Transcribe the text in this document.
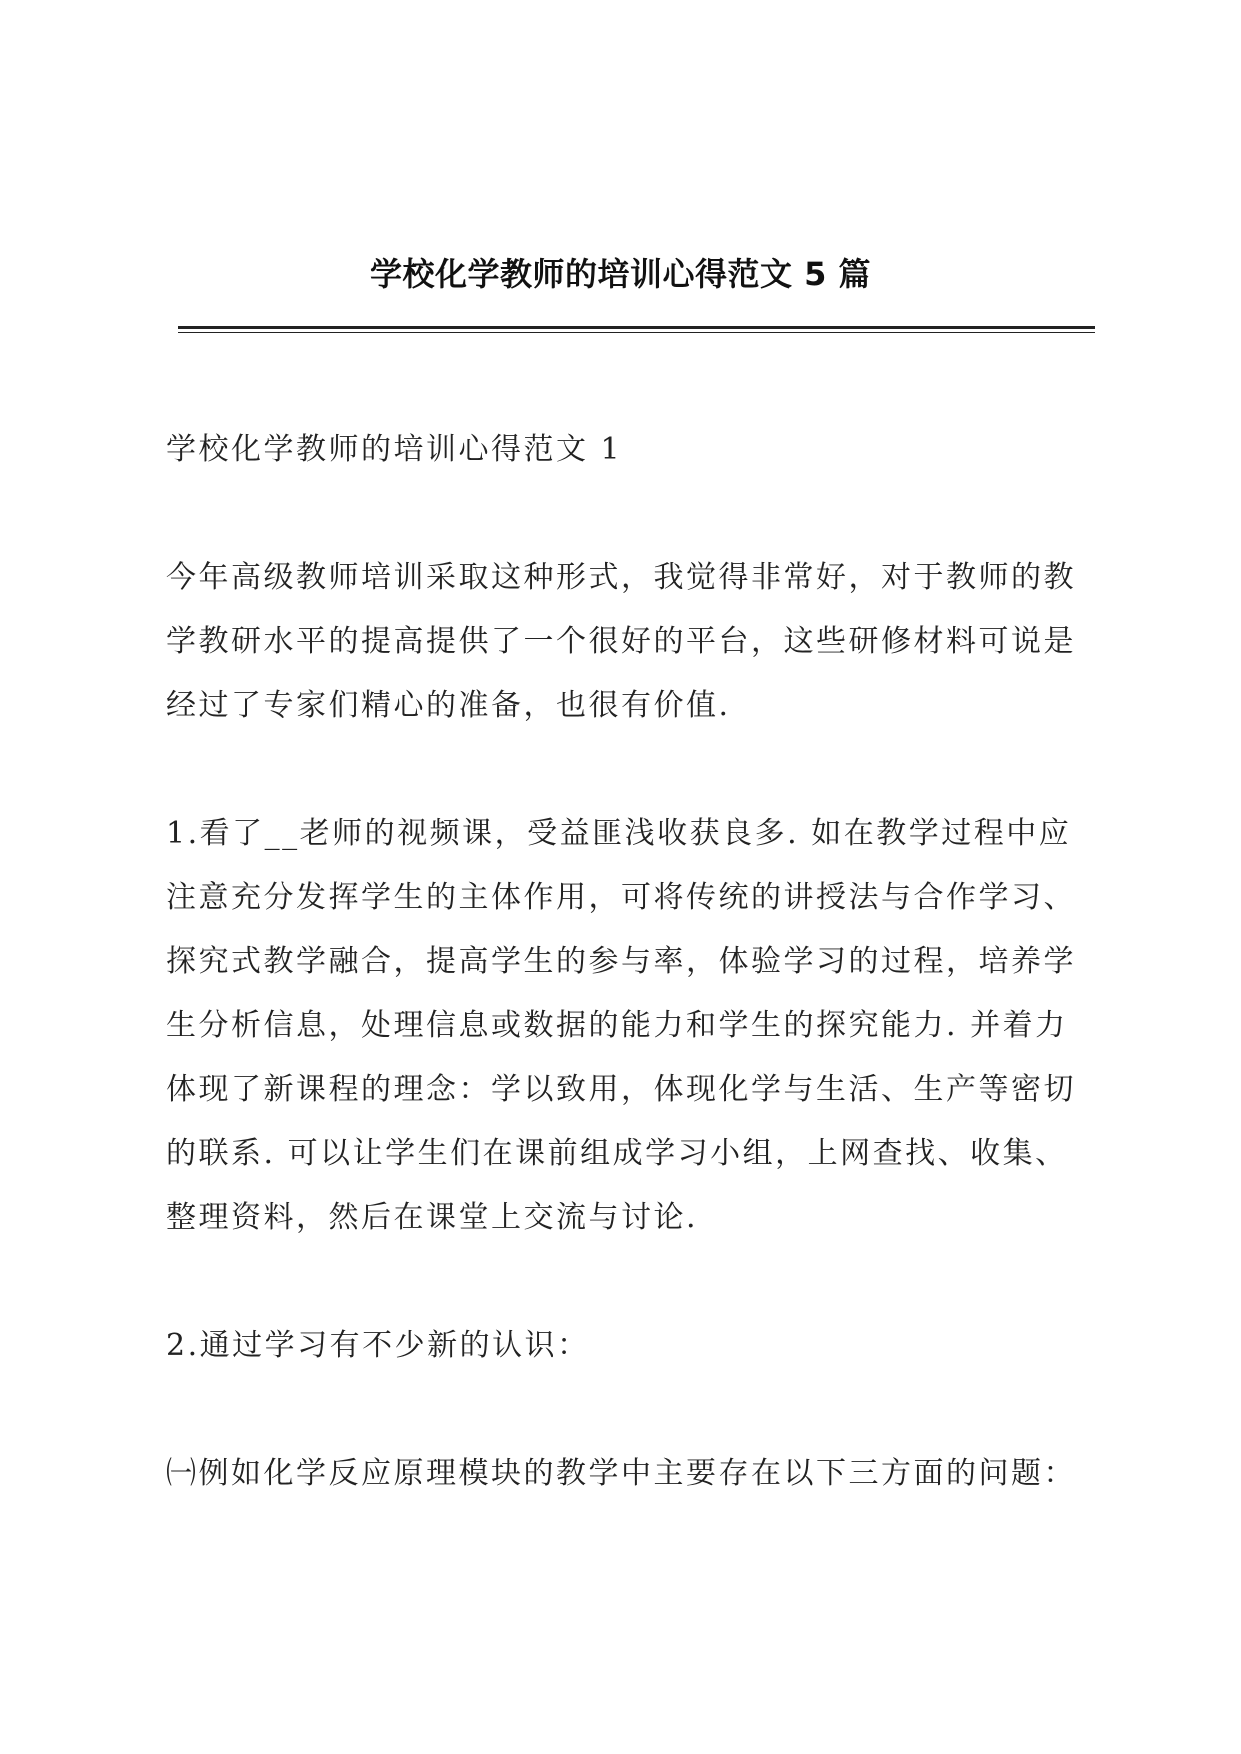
学校化学教师的培训心得范文 5 篇

学校化学教师的培训心得范文 1

今年高级教师培训采取这种形式，我觉得非常好，对于教师的教学教研水平的提高提供了一个很好的平台，这些研修材料可说是经过了专家们精心的准备，也很有价值.

1.看了__老师的视频课，受益匪浅收获良多. 如在教学过程中应注意充分发挥学生的主体作用，可将传统的讲授法与合作学习、探究式教学融合，提高学生的参与率，体验学习的过程，培养学生分析信息，处理信息或数据的能力和学生的探究能力. 并着力体现了新课程的理念：学以致用，体现化学与生活、生产等密切的联系. 可以让学生们在课前组成学习小组，上网查找、收集、整理资料，然后在课堂上交流与讨论.

2.通过学习有不少新的认识：

㈠例如化学反应原理模块的教学中主要存在以下三方面的问题：
